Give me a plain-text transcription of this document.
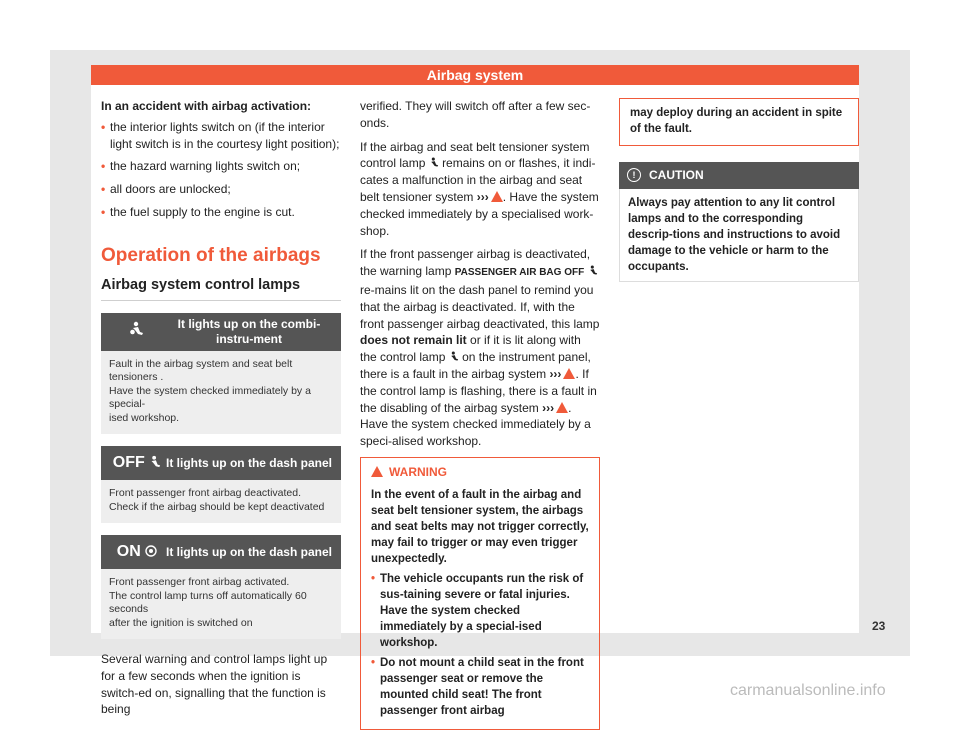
Airbag system

In an accident with airbag activation:

• the interior lights switch on (if the interior light switch is in the courtesy light position);
• the hazard warning lights switch on;
• all doors are unlocked;
• the fuel supply to the engine is cut.
Operation of the airbags
Airbag system control lamps
It lights up on the combi-instru-ment
Fault in the airbag system and seat belt tensioners .
Have the system checked immediately by a special-
ised workshop.
OFF	It lights up on the dash panel
Front passenger front airbag deactivated.
Check if the airbag should be kept deactivated
ON	It lights up on the dash panel
Front passenger front airbag activated.
The control lamp turns off automatically 60 seconds
after the ignition is switched on

Several warning and control lamps light up for a few seconds when the ignition is switch-ed on, signalling that the function is being

verified. They will switch off after a few sec-onds.

If the airbag and seat belt tensioner system control lamp remains on or flashes, it indi-cates a malfunction in the airbag and seat belt tensioner system ››› . Have the system checked immediately by a specialised work-shop.

If the front passenger airbag is deactivated, the warning lamp PASSENGER AIR BAG OFF  re-mains lit on the dash panel to remind you that the airbag is deactivated. If, with the front passenger airbag deactivated, this lamp does not remain lit or if it is lit along with the control lamp on the instrument panel, there is a fault in the airbag system ››› . If the control lamp is flashing, there is a fault in the disabling of the airbag system ››› . Have the system checked immediately by a speci-alised workshop.

WARNING

In the event of a fault in the airbag and seat belt tensioner system, the airbags and seat belts may not trigger correctly, may fail to trigger or may even trigger unexpectedly.

• The vehicle occupants run the risk of sus-taining severe or fatal injuries. Have the system checked immediately by a special-ised workshop.
• Do not mount a child seat in the front passenger seat or remove the mounted child seat! The front passenger front airbag
may deploy during an accident in spite of the fault.
!	CAUTION
Always pay attention to any lit control lamps and to the corresponding descrip-tions and instructions to avoid damage to the vehicle or harm to the occupants.
23
carmanualsonline.info
